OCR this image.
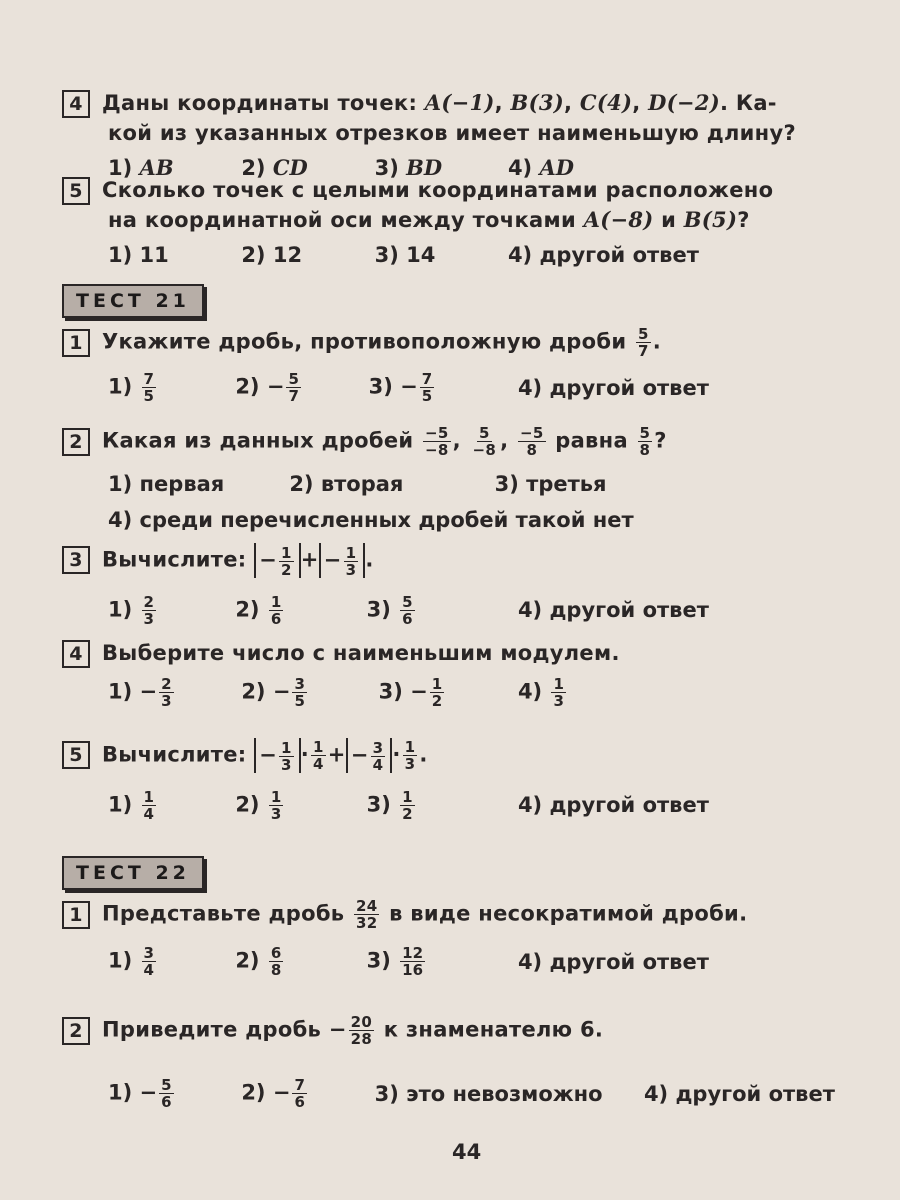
4 Даны координаты точек: A(−1), B(3), C(4), D(−2). Ка-
кой из указанных отрезков имеет наименьшую длину?
1) AB	2) CD	3) BD	4) AD
5 Сколько точек с целыми координатами расположено
на координатной оси между точками A(−8) и B(5)?
1) 11	2) 12	3) 14	4) другой ответ
ТЕСТ 21
1 Укажите дробь, противоположную дроби $\frac{5}{7}$ .
$1) \frac{7}{5}$	$2) - \frac{5}{7}$	$3) - \frac{7}{5}$	4) другой ответ
2 Какая из данных дробей $\frac{-5}{-8}$ , $\frac{5}{-8}$ , $\frac{-5}{8}$ равна $\frac{5}{8}$ ?
1) первая	2) вторая	3) третья
4) среди перечисленных дробей такой нет
3 Вычислите: − $\frac{1}{2}$ + − $\frac{1}{3}$ .
$1) \frac{2}{3}$	$2) \frac{1}{6}$	$3) \frac{5}{6}$	4) другой ответ
4 Выберите число с наименьшим модулем.
$1) - \frac{2}{3}$	$2) - \frac{3}{5}$	$3) - \frac{1}{2}$	$4) \frac{1}{3}$
5 Вычислите: − $\frac{1}{3} \cdot \frac{1}{4}$ + − $\frac{3}{4} \cdot \frac{1}{3}$ .
$1) \frac{1}{4}$	$2) \frac{1}{3}$	$3) \frac{1}{2}$	4) другой ответ
ТЕСТ 22
1 Представьте дробь $\frac{24}{32}$ в виде несократимой дроби.
$1) \frac{3}{4}$	$2) \frac{6}{8}$	$3) \frac{12}{16}$	4) другой ответ
2 Приведите дробь − $\frac{20}{28}$ к знаменателю 6.
$1) - \frac{5}{6}$	$2) - \frac{7}{6}$	3) это невозможно 4) другой ответ
44
